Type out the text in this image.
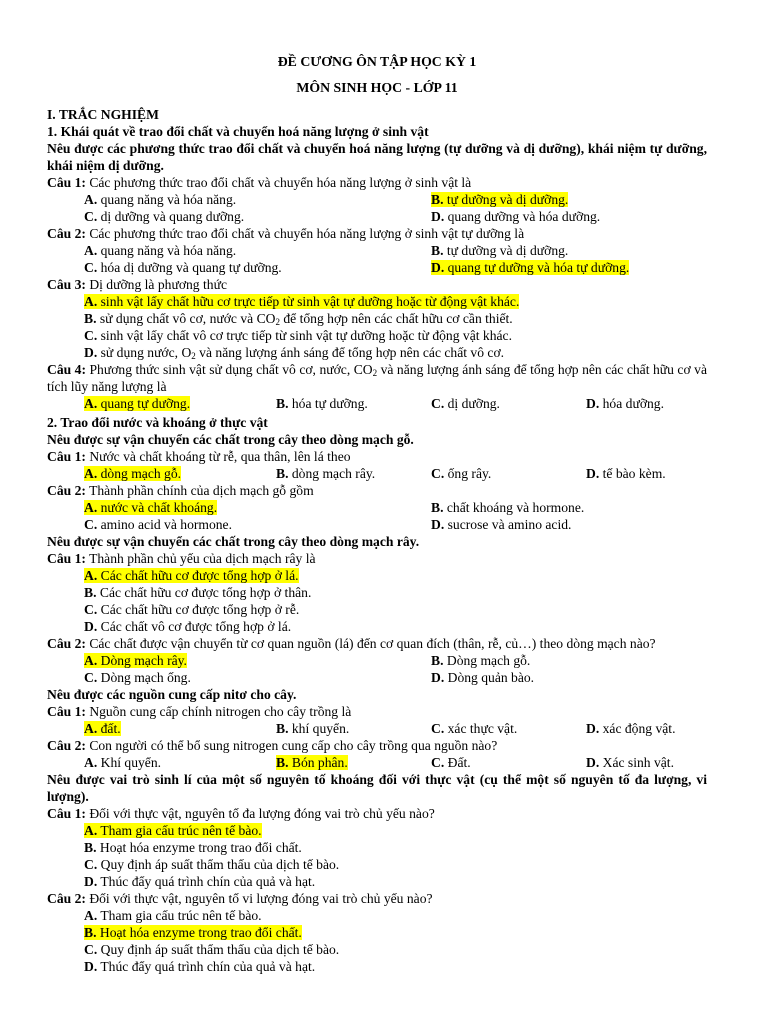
ĐỀ CƯƠNG ÔN TẬP HỌC KỲ 1
MÔN SINH HỌC - LỚP 11
I. TRẮC NGHIỆM
1. Khái quát về trao đổi chất và chuyển hoá năng lượng ở sinh vật
Nêu được các phương thức trao đổi chất và chuyển hoá năng lượng (tự dưỡng và dị dưỡng), khái niệm tự dưỡng, khái niệm dị dưỡng.
Câu 1: Các phương thức trao đổi chất và chuyển hóa năng lượng ở sinh vật là
A. quang năng và hóa năng.	B. tự dưỡng và dị dưỡng.
C. dị dưỡng và quang dưỡng.	D. quang dưỡng và hóa dưỡng.
Câu 2: Các phương thức trao đổi chất và chuyển hóa năng lượng ở sinh vật tự dưỡng là
A. quang năng và hóa năng.	B. tự dưỡng và dị dưỡng.
C. hóa dị dưỡng và quang tự dưỡng.	D. quang tự dưỡng và hóa tự dưỡng.
Câu 3: Dị dưỡng là phương thức
A. sinh vật lấy chất hữu cơ trực tiếp từ sinh vật tự dưỡng hoặc từ động vật khác.
B. sử dụng chất vô cơ, nước và $CO_2$ để tổng hợp nên các chất hữu cơ cần thiết.
C. sinh vật lấy chất vô cơ trực tiếp từ sinh vật tự dưỡng hoặc từ động vật khác.
D. sử dụng nước, $O_2$ và năng lượng ánh sáng để tổng hợp nên các chất vô cơ.
Câu 4: Phương thức sinh vật sử dụng chất vô cơ, nước, $CO_2$ và năng lượng ánh sáng để tổng hợp nên các chất hữu cơ và tích lũy năng lượng là
A. quang tự dưỡng.	B. hóa tự dưỡng.	C. dị dưỡng.	D. hóa dưỡng.
2. Trao đổi nước và khoáng ở thực vật
Nêu được sự vận chuyển các chất trong cây theo dòng mạch gỗ.
Câu 1: Nước và chất khoáng từ rễ, qua thân, lên lá theo
A. dòng mạch gỗ.	B. dòng mạch rây.	C. ống rây.	D. tế bào kèm.
Câu 2: Thành phần chính của dịch mạch gỗ gồm
A. nước và chất khoáng.	B. chất khoáng và hormone.
C. amino acid và hormone.	D. sucrose và amino acid.
Nêu được sự vận chuyển các chất trong cây theo dòng mạch rây.
Câu 1: Thành phần chủ yếu của dịch mạch rây là
A. Các chất hữu cơ được tổng hợp ở lá.
B. Các chất hữu cơ được tổng hợp ở thân.
C. Các chất hữu cơ được tổng hợp ở rễ.
D. Các chất vô cơ được tổng hợp ở lá.
Câu 2: Các chất được vận chuyển từ cơ quan nguồn (lá) đến cơ quan đích (thân, rễ, củ…) theo dòng mạch nào?
A. Dòng mạch rây.	B. Dòng mạch gỗ.
C. Dòng mạch ống.	D. Dòng quản bào.
Nêu được các nguồn cung cấp nitơ cho cây.
Câu 1: Nguồn cung cấp chính nitrogen cho cây trồng là
A. đất.	B. khí quyển.	C. xác thực vật.	D. xác động vật.
Câu 2: Con người có thể bổ sung nitrogen cung cấp cho cây trồng qua nguồn nào?
A. Khí quyển.	B. Bón phân.	C. Đất.	D. Xác sinh vật.
Nêu được vai trò sinh lí của một số nguyên tố khoáng đối với thực vật (cụ thể một số nguyên tố đa lượng, vi lượng).
Câu 1: Đối với thực vật, nguyên tố đa lượng đóng vai trò chủ yếu nào?
A. Tham gia cấu trúc nên tế bào.
B. Hoạt hóa enzyme trong trao đổi chất.
C. Quy định áp suất thẩm thấu của dịch tế bào.
D. Thúc đẩy quá trình chín của quả và hạt.
Câu 2: Đối với thực vật, nguyên tố vi lượng đóng vai trò chủ yếu nào?
A. Tham gia cấu trúc nên tế bào.
B. Hoạt hóa enzyme trong trao đổi chất.
C. Quy định áp suất thẩm thấu của dịch tế bào.
D. Thúc đẩy quá trình chín của quả và hạt.
